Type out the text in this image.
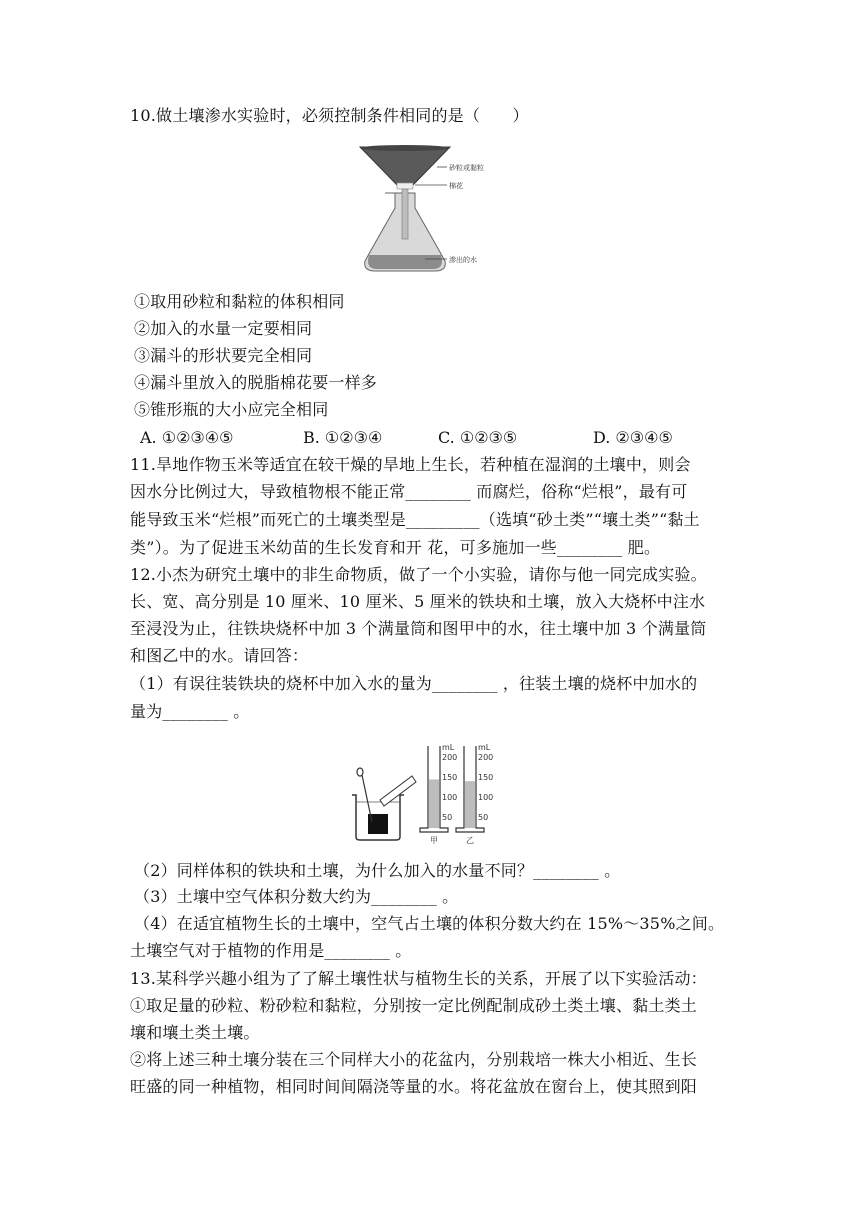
10.做土壤渗水实验时，必须控制条件相同的是（　　）
砂粒或黏粒
棉花
渗出的水
①取用砂粒和黏粒的体积相同
②加入的水量一定要相同
③漏斗的形状要完全相同
④漏斗里放入的脱脂棉花要一样多
⑤锥形瓶的大小应完全相同
A. ①②③④⑤	B. ①②③④	C. ①②③⑤	D. ②③④⑤
11.旱地作物玉米等适宜在较干燥的旱地上生长，若种植在湿润的土壤中，则会
因水分比例过大，导致植物根不能正常________ 而腐烂，俗称“烂根”，最有可
能导致玉米“烂根”而死亡的土壤类型是_________（选填“砂土类”“壤土类”“黏土
类”）。为了促进玉米幼苗的生长发育和开 花，可多施加一些________ 肥。
12.小杰为研究土壤中的非生命物质，做了一个小实验，请你与他一同完成实验。
长、宽、高分别是 10 厘米、10 厘米、5 厘米的铁块和土壤，放入大烧杯中注水
至浸没为止，往铁块烧杯中加 3 个满量筒和图甲中的水，往土壤中加 3 个满量筒
和图乙中的水。请回答：
（1）有误往装铁块的烧杯中加入水的量为________ ，往装土壤的烧杯中加水的
量为________ 。
mL
200
150
100
50
甲
mL
200
150
100
50
乙
（2）同样体积的铁块和土壤，为什么加入的水量不同？________ 。
（3）土壤中空气体积分数大约为________ 。
（4）在适宜植物生长的土壤中，空气占土壤的体积分数大约在 15%～35%之间。
土壤空气对于植物的作用是________ 。
13.某科学兴趣小组为了了解土壤性状与植物生长的关系，开展了以下实验活动：
①取足量的砂粒、粉砂粒和黏粒，分别按一定比例配制成砂土类土壤、黏土类土
壤和壤土类土壤。
②将上述三种土壤分装在三个同样大小的花盆内，分别栽培一株大小相近、生长
旺盛的同一种植物，相同时间间隔浇等量的水。将花盆放在窗台上，使其照到阳
